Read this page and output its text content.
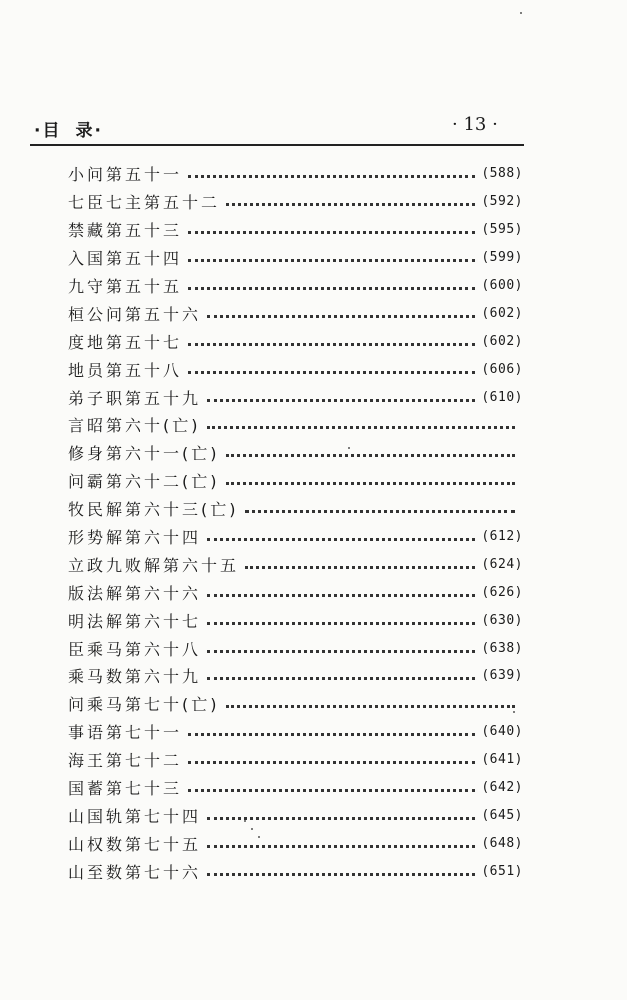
·目 录·	· 13 ·
小问第五十一	(588)
七臣七主第五十二	(592)
禁藏第五十三	(595)
入国第五十四	(599)
九守第五十五	(600)
桓公问第五十六	(602)
度地第五十七	(602)
地员第五十八	(606)
弟子职第五十九	(610)
言昭第六十(亡)
修身第六十一(亡)
问霸第六十二(亡)
牧民解第六十三(亡)
形势解第六十四	(612)
立政九败解第六十五	(624)
版法解第六十六	(626)
明法解第六十七	(630)
臣乘马第六十八	(638)
乘马数第六十九	(639)
问乘马第七十(亡)
事语第七十一	(640)
海王第七十二	(641)
国蓄第七十三	(642)
山国轨第七十四	(645)
山权数第七十五	(648)
山至数第七十六	(651)
